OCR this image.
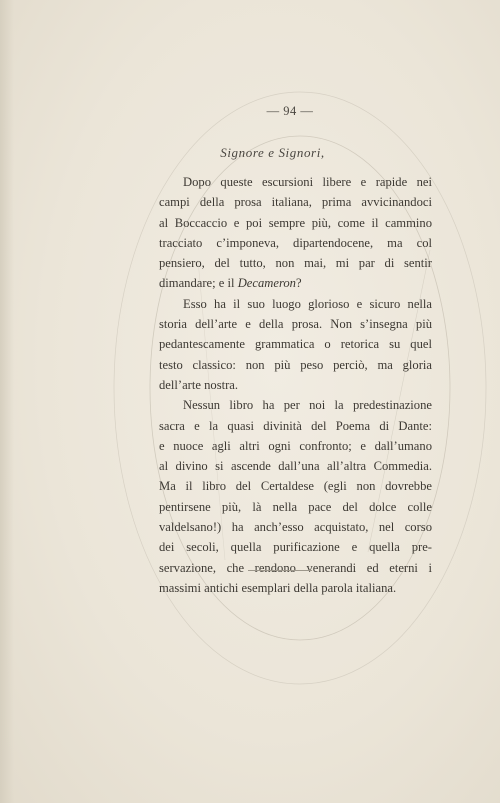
— 94 —
Signore e Signori,

Dopo queste escursioni libere e rapide nei
campi della prosa italiana, prima avvicinandoci
al Boccaccio e poi sempre più, come il cammino
tracciato c’imponeva, dipartendocene, ma col
pensiero, del tutto, non mai, mi par di sentir
dimandare; e il Decameron?

Esso ha il suo luogo glorioso e sicuro nella
storia dell’arte e della prosa. Non s’insegna più
pedantescamente grammatica o retorica su quel
testo classico: non più peso perciò, ma gloria
dell’arte nostra.

Nessun libro ha per noi la predestinazione
sacra e la quasi divinità del Poema di Dante:
e nuoce agli altri ogni confronto; e dall’umano
al divino si ascende dall’una all’altra Commedia.
Ma il libro del Certaldese (egli non dovrebbe
pentirsene più, là nella pace del dolce colle
valdelsano!) ha anch’esso acquistato, nel corso
dei secoli, quella purificazione e quella pre-
servazione, che rendono venerandi ed eterni i
massimi antichi esemplari della parola italiana.
